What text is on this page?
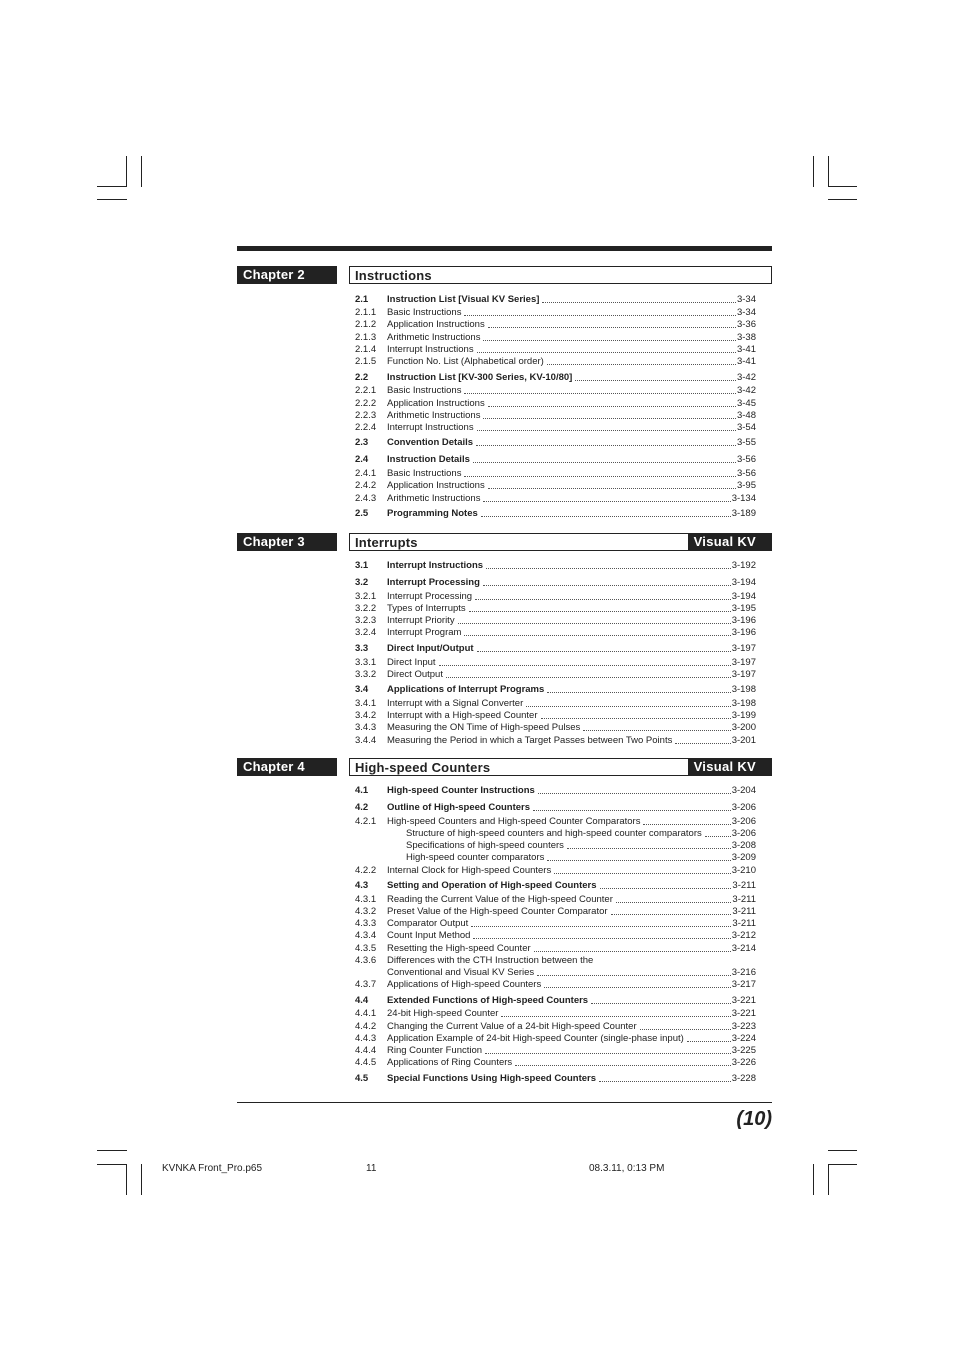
Chapter 2	Instructions
2.1	Instruction List [Visual KV Series]	3-34
2.1.1	Basic Instructions	3-34
2.1.2	Application Instructions	3-36
2.1.3	Arithmetic Instructions	3-38
2.1.4	Interrupt Instructions	3-41
2.1.5	Function No. List (Alphabetical order)	3-41
2.2	Instruction List [KV-300 Series, KV-10/80]	3-42
2.2.1	Basic Instructions	3-42
2.2.2	Application Instructions	3-45
2.2.3	Arithmetic Instructions	3-48
2.2.4	Interrupt Instructions	3-54
2.3	Convention Details	3-55
2.4	Instruction Details	3-56
2.4.1	Basic Instructions	3-56
2.4.2	Application Instructions	3-95
2.4.3	Arithmetic Instructions	3-134
2.5	Programming Notes	3-189
Chapter 3	Interrupts	Visual KV
3.1	Interrupt Instructions	3-192
3.2	Interrupt Processing	3-194
3.2.1	Interrupt Processing	3-194
3.2.2	Types of Interrupts	3-195
3.2.3	Interrupt Priority	3-196
3.2.4	Interrupt Program	3-196
3.3	Direct Input/Output	3-197
3.3.1	Direct Input	3-197
3.3.2	Direct Output	3-197
3.4	Applications of Interrupt Programs	3-198
3.4.1	Interrupt with a Signal Converter	3-198
3.4.2	Interrupt with a High-speed Counter	3-199
3.4.3	Measuring the ON Time of High-speed Pulses	3-200
3.4.4	Measuring the Period in which a Target Passes between Two Points	3-201
Chapter 4	High-speed Counters	Visual KV
4.1	High-speed Counter Instructions	3-204
4.2	Outline of High-speed Counters	3-206
4.2.1	High-speed Counters and High-speed Counter Comparators	3-206
Structure of high-speed counters and high-speed counter comparators	3-206
Specifications of high-speed counters	3-208
High-speed counter comparators	3-209
4.2.2	Internal Clock for High-speed Counters	3-210
4.3	Setting and Operation of High-speed Counters	3-211
4.3.1	Reading the Current Value of the High-speed Counter	3-211
4.3.2	Preset Value of the High-speed Counter Comparator	3-211
4.3.3	Comparator Output	3-211
4.3.4	Count Input Method	3-212
4.3.5	Resetting the High-speed Counter	3-214
4.3.6	Differences with the CTH Instruction between the
Conventional and Visual KV Series	3-216
4.3.7	Applications of High-speed Counters	3-217
4.4	Extended Functions of High-speed Counters	3-221
4.4.1	24-bit High-speed Counter	3-221
4.4.2	Changing the Current Value of a 24-bit High-speed Counter	3-223
4.4.3	Application Example of 24-bit High-speed Counter (single-phase input)	3-224
4.4.4	Ring Counter Function	3-225
4.4.5	Applications of Ring Counters	3-226
4.5	Special Functions Using High-speed Counters	3-228
(10)
KVNKA Front_Pro.p65	11	08.3.11, 0:13 PM
